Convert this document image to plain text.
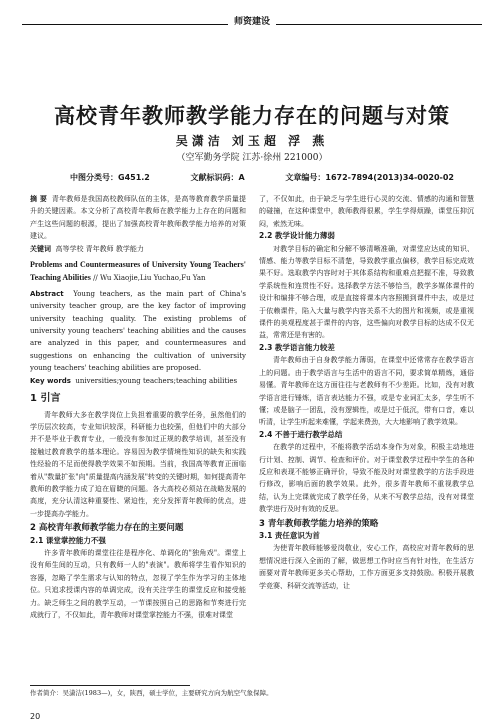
师资建设
高校青年教师教学能力存在的问题与对策
吴潇洁 刘玉超 浮 燕
（空军勤务学院 江苏·徐州 221000）
中图分类号：G451.2	文献标识码：A	文章编号：1672-7894(2013)34-0020-02

摘 要 青年教师是我国高校教师队伍的主体，是高等教育教学质量提升的关键因素。本文分析了高校青年教师在教学能力上存在的问题和产生这些问题的根源，提出了加强高校青年教师教学能力培养的对策建议。

关键词 高等学校 青年教师 教学能力

Problems and Countermeasures of University Young Teachers' Teaching Abilities // Wu Xiaojie,Liu Yuchao,Fu Yan

Abstract Young teachers, as the main part of China's university teacher group, are the key factor of improving university teaching quality. The existing problems of university young teachers' teaching abilities and the causes are analyzed in this paper, and countermeasures and suggestions on enhancing the cultivation of university young teachers' teaching abilities are proposed.

Key words universities;young teachers;teaching abilities

1 引言

青年教师大多在教学岗位上负担着重要的教学任务，虽然他们的学历层次较高，专业知识较深，科研能力也较强，但他们中的大部分并不是毕业于教育专业，一般没有参加过正规的教学培训，甚至没有接触过教育教学的基本理论。容易因为教学情境性知识的缺失和实践性经验的不足而使得教学效果不如预期。当前，我国高等教育正面临着从"数量扩张"向"质量提高内涵发展"转变的关键时期，如何提高青年教师的教学能力成了迫在眉睫的问题。各大高校必须站在战略发展的高度，充分认清这种重要性、紧迫性，充分发挥青年教师的优点，进一步提高办学能力。

2 高校青年教师教学能力存在的主要问题
2.1 课堂掌控能力不强

许多青年教师的课堂往往是程序化、单调化的"独角戏"。课堂上没有师生间的互动，只有教师一人的"表演"。教师将学生看作知识的容器，忽略了学生需求与认知的特点，忽视了学生作为学习的主体地位。只追求授课内容的单调完成，没有关注学生的课堂反应和接受能力。缺乏师生之间的教学互动，一节课按照自己的思路和节奏进行完成就行了，不仅如此，青年教师对课堂掌控能力不强，很难对课堂

了，不仅如此，由于缺乏与学生进行心灵的交流、情感的沟通和智慧的碰撞，在这种课堂中，教师教得很累，学生学得烦躁，课堂压抑沉闷，索然无味。

2.2 教学设计能力薄弱

对教学目标的确定和分解不够清晰准确，对课堂应达成的知识、情感、能力等教学目标不清楚，导致教学重点偏移，教学目标完成效果不好。选取教学内容时对于其体系结构和重难点把握不准，导致教学系统性和连贯性不好。选择教学方法不够恰当，教学多媒体课件的设计和编排不够合理，或是直接将课本内容照搬到课件中去，或是过于依赖课件，陷入大量与教学内容关系不大的图片和视频，或是重视课件的美观程度甚于课件的内容，这些偏向对教学目标的达成不仅无益，常常还是有害的。

2.3 教学语言能力较差

青年教师由于自身教学能力薄弱，在课堂中还常常存在教学语言上的问题。由于教学语言与生活中的语言不同，要求简单精炼，通俗易懂。青年教师在这方面往往与老教师有不少差距。比如，没有对教学语言进行锤炼，语言表达能力不强，或是专业词汇太多，学生听不懂；或是脑子一团乱，没有逻辑性，或是过于低沉，带有口音，难以听清，让学生听起来难懂，学起来费劲，大大地影响了教学效果。

2.4 不善于进行教学总结

在教学的过程中，不能将教学活动本身作为对象，积极主动地进行计划、控制、调节、检查和评价。对于课堂教学过程中学生的各种反应和表现不能够正确评价，导致不能及时对课堂教学的方法手段进行修改，影响后面的教学效果。此外，很多青年教师不重视教学总结，认为上完课就完成了教学任务，从来不写教学总结，没有对课堂教学进行及时有效的反思。

3 青年教师教学能力培养的策略
3.1 责任意识为首

为使青年教师能够爱岗敬业，安心工作，高校应对青年教师的思想情况进行深入全面的了解，做思想工作时应当有针对性，在生活方面要对青年教师更多关心帮助，工作方面更多支持鼓励。积极开展教学竞赛、科研交流等活动，让

作者简介：吴潇洁(1983—)，女，陕西，硕士学位，主要研究方向为航空气象保障。
20
